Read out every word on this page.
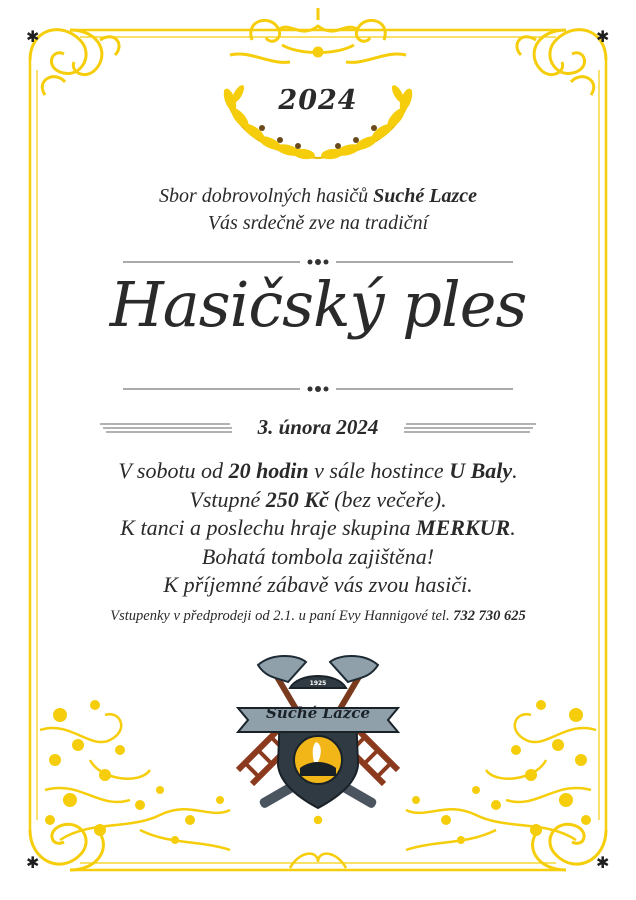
✱	✱
✱	✱
2024
Sbor dobrovolných hasičů Suché Lazce
Vás srdečně zve na tradiční
Hasičský ples
3. února 2024
V sobotu od 20 hodin v sále hostince U Baly.
Vstupné 250 Kč (bez večeře).
K tanci a poslechu hraje skupina MERKUR.
Bohatá tombola zajištěna!
K příjemné zábavě vás zvou hasiči.
Vstupenky v předprodeji od 2.1. u paní Evy Hannigové tel. 732 730 625
1925
Suché Lazce
